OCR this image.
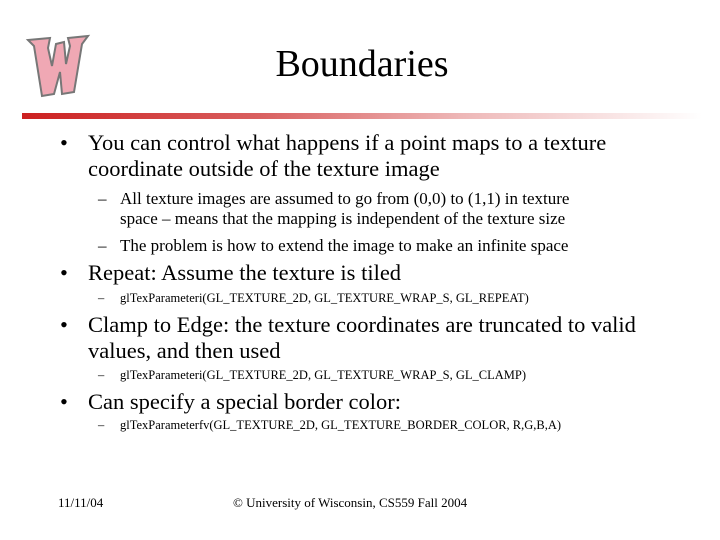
Boundaries
• You can control what happens if a point maps to a texture
coordinate outside of the texture image
– All texture images are assumed to go from (0,0) to (1,1) in texture
space – means that the mapping is independent of the texture size
– The problem is how to extend the image to make an infinite space
• Repeat: Assume the texture is tiled
– glTexParameteri(GL_TEXTURE_2D, GL_TEXTURE_WRAP_S, GL_REPEAT)
• Clamp to Edge: the texture coordinates are truncated to valid
values, and then used
– glTexParameteri(GL_TEXTURE_2D, GL_TEXTURE_WRAP_S, GL_CLAMP)
• Can specify a special border color:
– glTexParameterfv(GL_TEXTURE_2D, GL_TEXTURE_BORDER_COLOR, R,G,B,A)
11/11/04	© University of Wisconsin, CS559 Fall 2004
